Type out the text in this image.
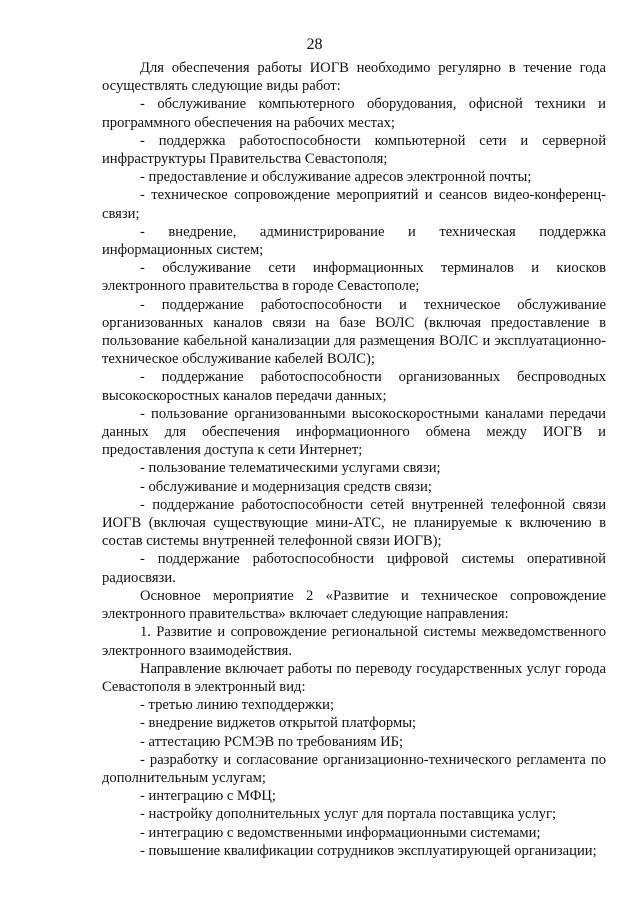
28

Для обеспечения работы ИОГВ необходимо регулярно в течение года осуществлять следующие виды работ:

- обслуживание компьютерного оборудования, офисной техники и программного обеспечения на рабочих местах;

- поддержка работоспособности компьютерной сети и серверной инфраструктуры Правительства Севастополя;

- предоставление и обслуживание адресов электронной почты;

- техническое сопровождение мероприятий и сеансов видео-конференц-связи;

- внедрение, администрирование и техническая поддержка информационных систем;

- обслуживание сети информационных терминалов и киосков электронного правительства в городе Севастополе;

- поддержание работоспособности и техническое обслуживание организованных каналов связи на базе ВОЛС (включая предоставление в пользование кабельной канализации для размещения ВОЛС и эксплуатационно-техническое обслуживание кабелей ВОЛС);

- поддержание работоспособности организованных беспроводных высокоскоростных каналов передачи данных;

- пользование организованными высокоскоростными каналами передачи данных для обеспечения информационного обмена между ИОГВ и предоставления доступа к сети Интернет;

- пользование телематическими услугами связи;

- обслуживание и модернизация средств связи;

- поддержание работоспособности сетей внутренней телефонной связи ИОГВ (включая существующие мини-АТС, не планируемые к включению в состав системы внутренней телефонной связи ИОГВ);

- поддержание работоспособности цифровой системы оперативной радиосвязи.

Основное мероприятие 2 «Развитие и техническое сопровождение электронного правительства» включает следующие направления:

1. Развитие и сопровождение региональной системы межведомственного электронного взаимодействия.

Направление включает работы по переводу государственных услуг города Севастополя в электронный вид:

- третью линию техподдержки;

- внедрение виджетов открытой платформы;

- аттестацию РСМЭВ по требованиям ИБ;

- разработку и согласование организационно-технического регламента по дополнительным услугам;

- интеграцию с МФЦ;

- настройку дополнительных услуг для портала поставщика услуг;

- интеграцию с ведомственными информационными системами;

- повышение квалификации сотрудников эксплуатирующей организации;
